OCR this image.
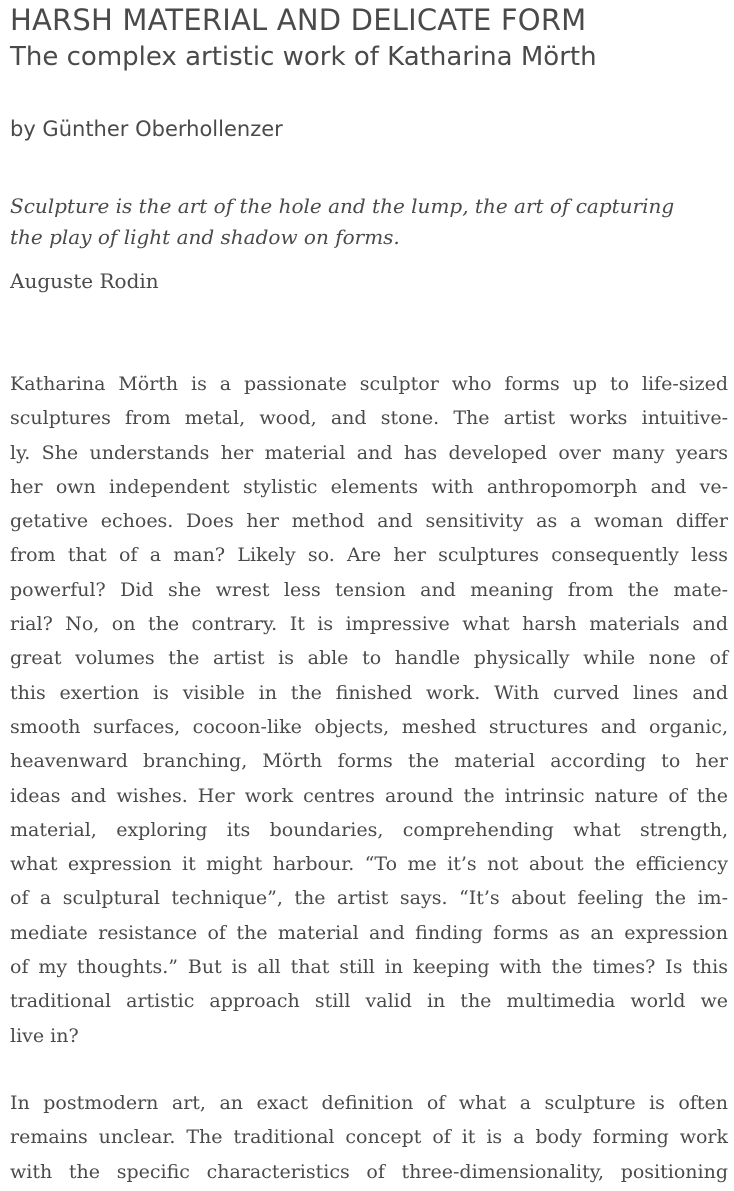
HARSH MATERIAL AND DELICATE FORM
The complex artistic work of Katharina Mörth

by Günther Oberhollenzer

Sculpture is the art of the hole and the lump, the art of capturing
the play of light and shadow on forms.

Auguste Rodin

Katharina Mörth is a passionate sculptor who forms up to life-sized
sculptures from metal, wood, and stone. The artist works intuitive-
ly. She understands her material and has developed over many years
her own independent stylistic elements with anthropomorph and ve-
getative echoes. Does her method and sensitivity as a woman differ
from that of a man? Likely so. Are her sculptures consequently less
powerful? Did she wrest less tension and meaning from the mate-
rial? No, on the contrary. It is impressive what harsh materials and
great volumes the artist is able to handle physically while none of
this exertion is visible in the finished work. With curved lines and
smooth surfaces, cocoon-like objects, meshed structures and organic,
heavenward branching, Mörth forms the material according to her
ideas and wishes. Her work centres around the intrinsic nature of the
material, exploring its boundaries, comprehending what strength,
what expression it might harbour. “To me it’s not about the efficiency
of a sculptural technique”, the artist says. “It’s about feeling the im-
mediate resistance of the material and finding forms as an expression
of my thoughts.” But is all that still in keeping with the times? Is this
traditional artistic approach still valid in the multimedia world we
live in?

In postmodern art, an exact definition of what a sculpture is often
remains unclear. The traditional concept of it is a body forming work
with the specific characteristics of three-dimensionality, positioning
